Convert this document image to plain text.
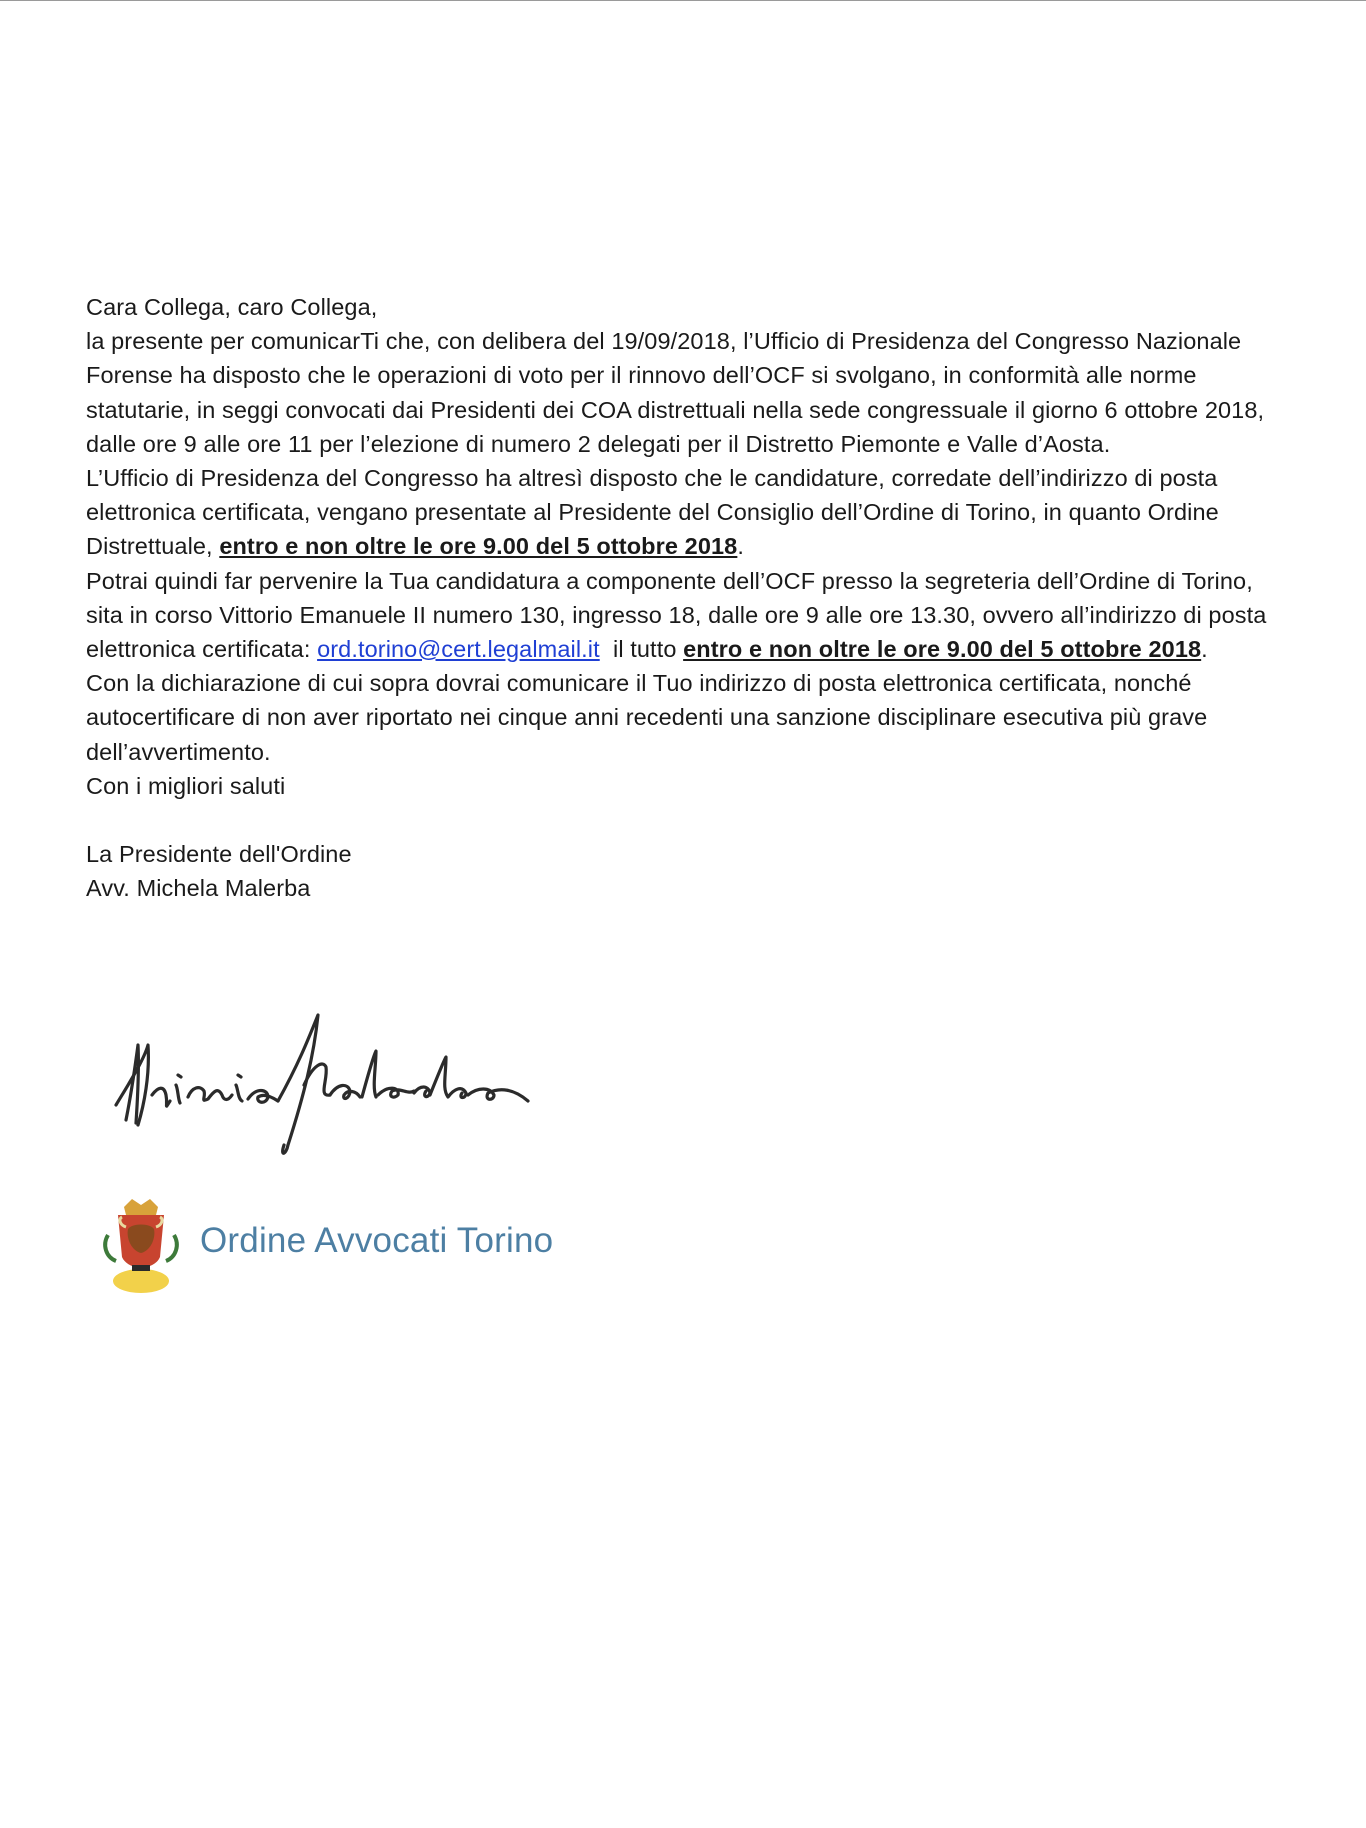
Cara Collega, caro Collega,

la presente per comunicarTi che, con delibera del 19/09/2018, l’Ufficio di Presidenza del Congresso Nazionale Forense ha disposto che le operazioni di voto per il rinnovo dell’OCF si svolgano, in conformità alle norme statutarie, in seggi convocati dai Presidenti dei COA distrettuali nella sede congressuale il giorno 6 ottobre 2018, dalle ore 9 alle ore 11 per l’elezione di numero 2 delegati per il Distretto Piemonte e Valle d’Aosta.

L’Ufficio di Presidenza del Congresso ha altresì disposto che le candidature, corredate dell’indirizzo di posta elettronica certificata, vengano presentate al Presidente del Consiglio dell’Ordine di Torino, in quanto Ordine Distrettuale, entro e non oltre le ore 9.00 del 5 ottobre 2018.

Potrai quindi far pervenire la Tua candidatura a componente dell’OCF presso la segreteria dell’Ordine di Torino, sita in corso Vittorio Emanuele II numero 130, ingresso 18, dalle ore 9 alle ore 13.30, ovvero all’indirizzo di posta elettronica certificata: ord.torino@cert.legalmail.it  il tutto entro e non oltre le ore 9.00 del 5 ottobre 2018.

Con la dichiarazione di cui sopra dovrai comunicare il Tuo indirizzo di posta elettronica certificata, nonché autocertificare di non aver riportato nei cinque anni recedenti una sanzione disciplinare esecutiva più grave dell’avvertimento.

Con i migliori saluti

La Presidente dell'Ordine

Avv. Michela Malerba

Ordine Avvocati Torino
